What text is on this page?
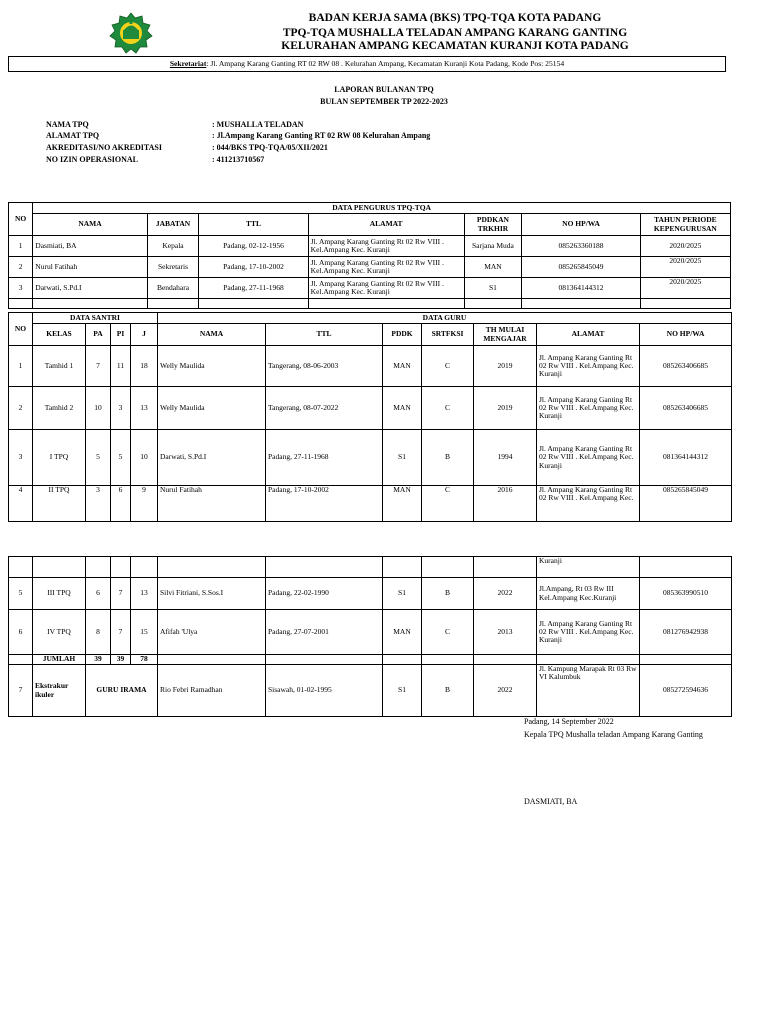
BADAN KERJA SAMA (BKS) TPQ-TQA KOTA PADANG
TPQ-TQA MUSHALLA TELADAN AMPANG KARANG GANTING
KELURAHAN AMPANG KECAMATAN KURANJI KOTA PADANG
Sekretariat: Jl. Ampang Karang Ganting RT 02 RW 08 . Kelurahan Ampang, Kecamatan Kuranji Kota Padang, Kode Pos: 25154
LAPORAN BULANAN TPQ
BULAN SEPTEMBER TP 2022-2023
NAMA TPQ	: MUSHALLA TELADAN
ALAMAT TPQ	: Jl.Ampang Karang Ganting RT 02 RW 08 Kelurahan Ampang
AKREDITASI/NO AKREDITASI	: 044/BKS TPQ-TQA/05/XII/2021
NO IZIN OPERASIONAL	: 411213710567
NO	DATA PENGURUS TPQ-TQA						
	NAMA	JABATAN	TTL	ALAMAT	PDDKAN TRKHIR	NO HP/WA	TAHUN PERIODE KEPENGURUSAN
1	Dasmiati, BA	Kepala	Padang, 02-12-1956	Jl. Ampang Karang Ganting Rt 02 Rw VIII . Kel.Ampang Kec. Kuranji	Sarjana Muda	085263360188	2020/2025
2	Nurul Fatihah	Sekretaris	Padang, 17-10-2002	Jl. Ampang Karang Ganting Rt 02 Rw VIII . Kel.Ampang Kec. Kuranji	MAN	085265845049	2020/2025
3	Darwati, S.Pd.I	Bendahara	Padang, 27-11-1968	Jl. Ampang Karang Ganting Rt 02 Rw VIII . Kel.Ampang Kec. Kuranji	S1	081364144312	2020/2025

NO	DATA SANTRI				DATA GURU						
	KELAS	PA	PI	J	NAMA	TTL	PDDK	SRTFKSI	TH MULAI MENGAJAR	ALAMAT	NO HP/WA
1	Tamhid 1	7	11	18	Welly Maulida	Tangerang, 08-06-2003	MAN	C	2019	Jl. Ampang Karang Ganting Rt 02 Rw VIII . Kel.Ampang Kec. Kuranji	085263406685
2	Tamhid 2	10	3	13	Welly Maulida	Tangerang, 08-07-2022	MAN	C	2019	Jl. Ampang Karang Ganting Rt 02 Rw VIII . Kel.Ampang Kec. Kuranji	085263406685
3	I TPQ	5	5	10	Darwati, S.Pd.I	Padang, 27-11-1968	S1	B	1994	Jl. Ampang Karang Ganting Rt 02 Rw VIII . Kel.Ampang Kec. Kuranji	081364144312
4	II TPQ	3	6	9	Nurul Fatihah	Padang, 17-10-2002	MAN	C	2016	Jl. Ampang Karang Ganting Rt 02 Rw VIII . Kel.Ampang Kec.	085265845049
										Kuranji	
5	III TPQ	6	7	13	Silvi Fitriani, S.Sos.I	Padang, 22-02-1990	S1	B	2022	Jl.Ampang, Rt 03 Rw III Kel.Ampang Kec.Kuranji	085363990510
6	IV TPQ	8	7	15	Afifah 'Ulya	Padang, 27-07-2001	MAN	C	2013	Jl. Ampang Karang Ganting Rt 02 Rw VIII . Kel.Ampang Kec. Kuranji	081276942938
	JUMLAH	39	39	78							
7	Ekstrakur ikuler	GURU IRAMA			Rio Febri Ramadhan	Sisawah, 01-02-1995	S1	B	2022	Jl. Kampung Marapak Rt 03 Rw VI Kalumbuk	085272594636
Padang, 14 September 2022
Kepala TPQ Mushalla teladan Ampang Karang Ganting
DASMIATI, BA
